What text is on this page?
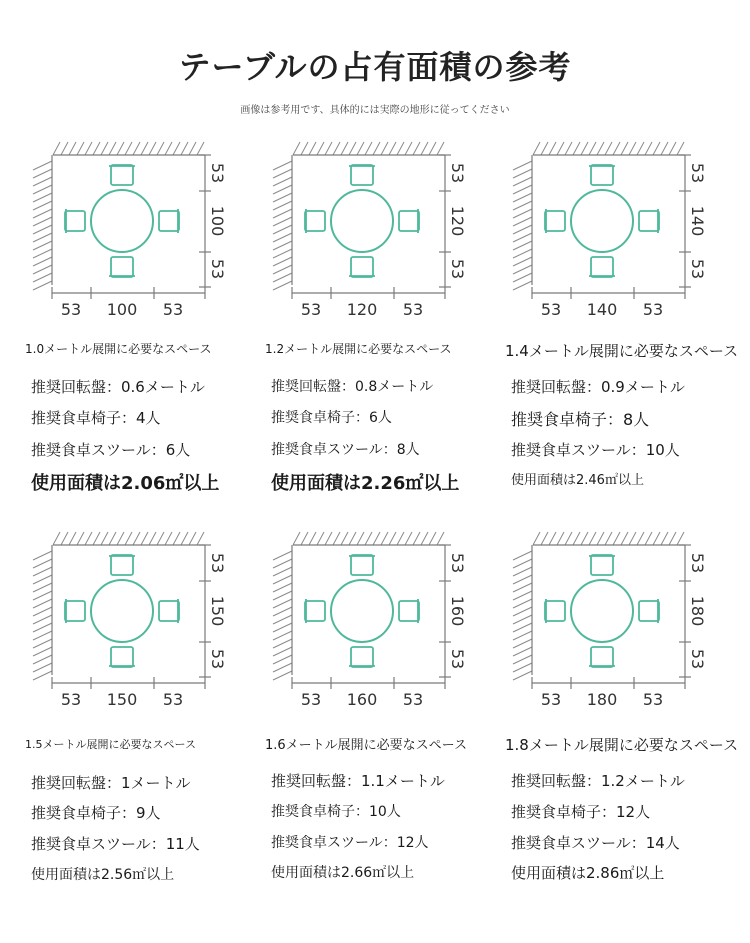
テーブルの占有面積の参考
画像は参考用です、具体的には実際の地形に従ってください
53 100 53
53
100
53
1.0メートル展開に必要なスペース
推奨回転盤：0.6メートル
推奨食卓椅子：4人
推奨食卓スツール：6人
使用面積は2.06㎡以上
53 120 53
53
120
53
1.2メートル展開に必要なスペース
推奨回転盤：0.8メートル
推奨食卓椅子：6人
推奨食卓スツール：8人
使用面積は2.26㎡以上
53 140 53
53
140
53
1.4メートル展開に必要なスペース
推奨回転盤：0.9メートル
推奨食卓椅子：8人
推奨食卓スツール：10人
使用面積は2.46㎡以上
53 150 53
53
150
53
1.5メートル展開に必要なスペース
推奨回転盤：1メートル
推奨食卓椅子：9人
推奨食卓スツール：11人
使用面積は2.56㎡以上
53 160 53
53
160
53
1.6メートル展開に必要なスペース
推奨回転盤：1.1メートル
推奨食卓椅子：10人
推奨食卓スツール：12人
使用面積は2.66㎡以上
53 180 53
53
180
53
1.8メートル展開に必要なスペース
推奨回転盤：1.2メートル
推奨食卓椅子：12人
推奨食卓スツール：14人
使用面積は2.86㎡以上
